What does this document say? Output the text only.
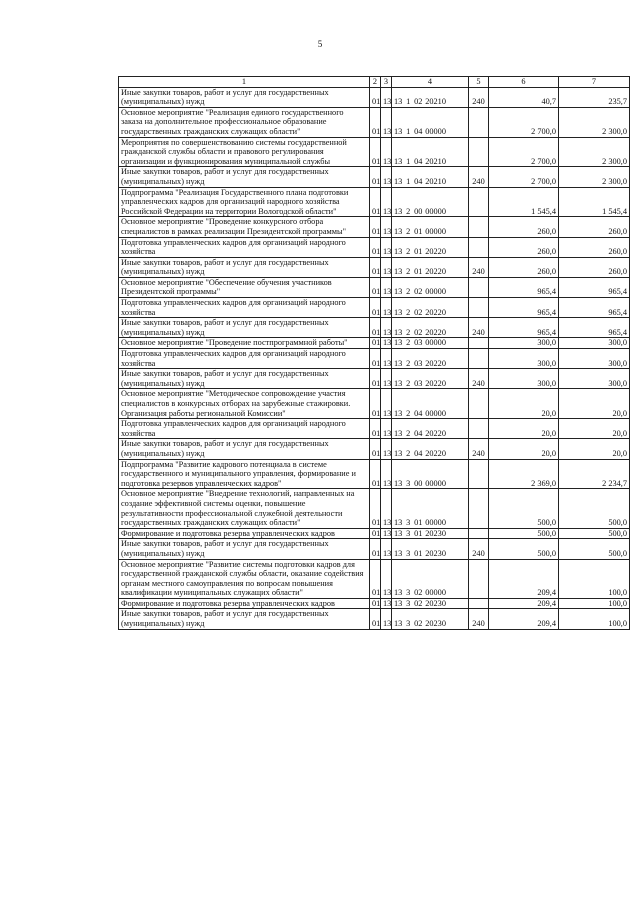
5
1	2	3	4	5	6	7
Иные закупки товаров, работ и услуг для государственных (муниципальных) нужд	01	13	13 1 02 20210	240	40,7	235,7
Основное мероприятие "Реализация единого государственного заказа на дополнительное профессиональное образование государственных гражданских служащих области"	01	13	13 1 04 00000		2 700,0	2 300,0
Мероприятия по совершенствованию системы государственной гражданской службы области и правового регулирования организации и функционирования муниципальной службы	01	13	13 1 04 20210		2 700,0	2 300,0
Иные закупки товаров, работ и услуг для государственных (муниципальных) нужд	01	13	13 1 04 20210	240	2 700,0	2 300,0
Подпрограмма "Реализация Государственного плана подготовки управленческих кадров для организаций народного хозяйства Российской Федерации на территории Вологодской области"	01	13	13 2 00 00000		1 545,4	1 545,4
Основное мероприятие "Проведение конкурсного отбора специалистов в рамках реализации Президентской программы"	01	13	13 2 01 00000		260,0	260,0
Подготовка управленческих кадров для организаций народного хозяйства	01	13	13 2 01 20220		260,0	260,0
Иные закупки товаров, работ и услуг для государственных (муниципальных) нужд	01	13	13 2 01 20220	240	260,0	260,0
Основное мероприятие "Обеспечение обучения участников Президентской программы"	01	13	13 2 02 00000		965,4	965,4
Подготовка управленческих кадров для организаций народного хозяйства	01	13	13 2 02 20220		965,4	965,4
Иные закупки товаров, работ и услуг для государственных (муниципальных) нужд	01	13	13 2 02 20220	240	965,4	965,4
Основное мероприятие "Проведение постпрограммной работы"	01	13	13 2 03 00000		300,0	300,0
Подготовка управленческих кадров для организаций народного хозяйства	01	13	13 2 03 20220		300,0	300,0
Иные закупки товаров, работ и услуг для государственных (муниципальных) нужд	01	13	13 2 03 20220	240	300,0	300,0
Основное мероприятие "Методическое сопровождение участия специалистов в конкурсных отборах на зарубежные стажировки. Организация работы региональной Комиссии"	01	13	13 2 04 00000		20,0	20,0
Подготовка управленческих кадров для организаций народного хозяйства	01	13	13 2 04 20220		20,0	20,0
Иные закупки товаров, работ и услуг для государственных (муниципальных) нужд	01	13	13 2 04 20220	240	20,0	20,0
Подпрограмма "Развитие кадрового потенциала в системе государственного и муниципального управления, формирование и подготовка резервов управленческих кадров"	01	13	13 3 00 00000		2 369,0	2 234,7
Основное мероприятие "Внедрение технологий, направленных на создание эффективной системы оценки, повышение результативности профессиональной служебной деятельности государственных гражданских служащих области"	01	13	13 3 01 00000		500,0	500,0
Формирование и подготовка резерва управленческих кадров	01	13	13 3 01 20230		500,0	500,0
Иные закупки товаров, работ и услуг для государственных (муниципальных) нужд	01	13	13 3 01 20230	240	500,0	500,0
Основное мероприятие "Развитие системы подготовки кадров для государственной гражданской службы области, оказание содействия органам местного самоуправления по вопросам повышения квалификации муниципальных служащих области"	01	13	13 3 02 00000		209,4	100,0
Формирование и подготовка резерва управленческих кадров	01	13	13 3 02 20230		209,4	100,0
Иные закупки товаров, работ и услуг для государственных (муниципальных) нужд	01	13	13 3 02 20230	240	209,4	100,0
